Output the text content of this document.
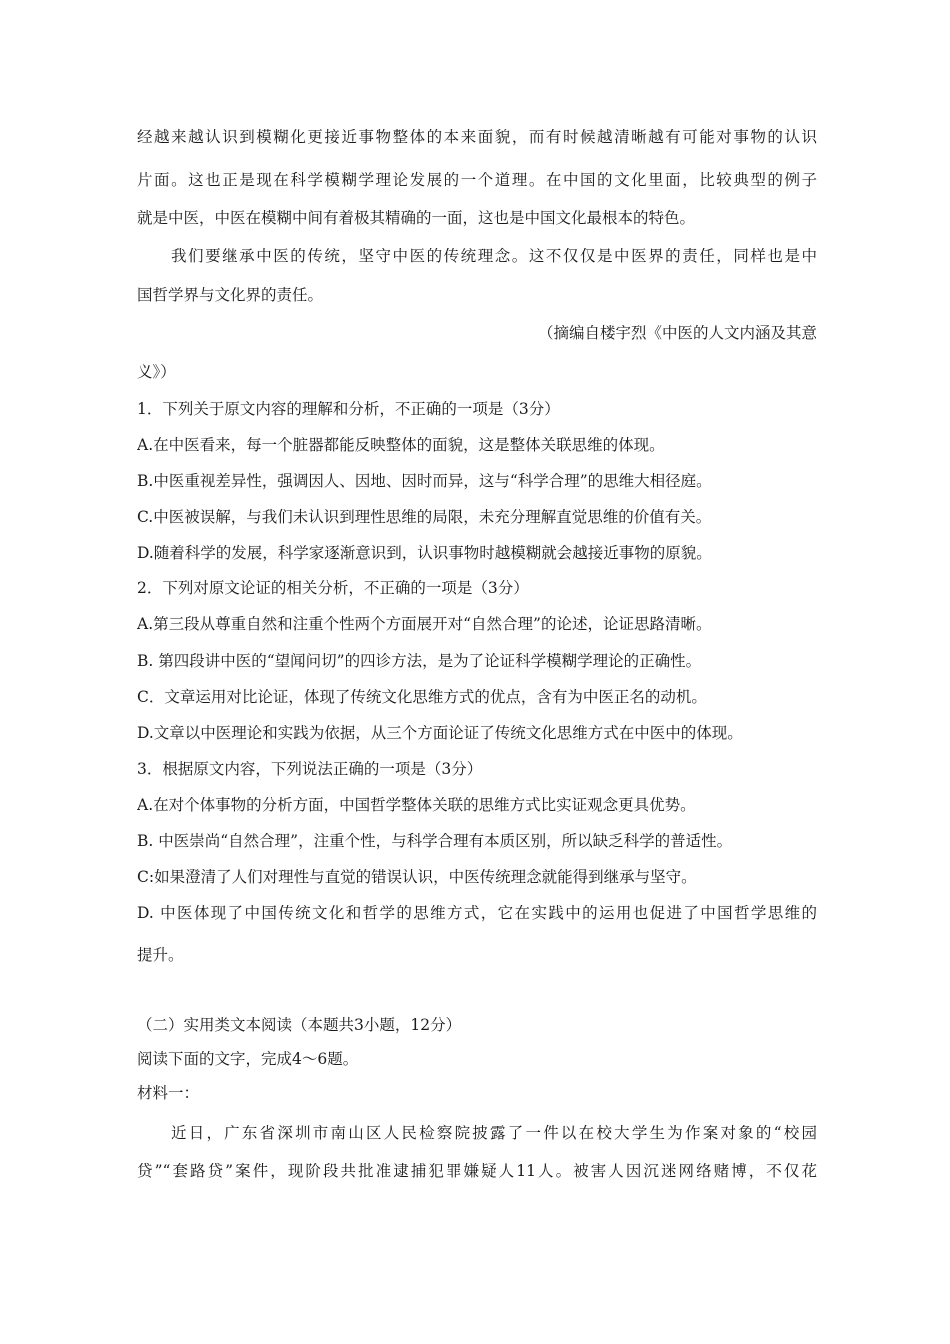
经越来越认识到模糊化更接近事物整体的本来面貌，而有时候越清晰越有可能对事物的认识
片面。这也正是现在科学模糊学理论发展的一个道理。在中国的文化里面，比较典型的例子
就是中医，中医在模糊中间有着极其精确的一面，这也是中国文化最根本的特色。
我们要继承中医的传统，坚守中医的传统理念。这不仅仅是中医界的责任，同样也是中
国哲学界与文化界的责任。
（摘编自楼宇烈《中医的人文内涵及其意
义》）
1．下列关于原文内容的理解和分析，不正确的一项是（3分）
A.在中医看来，每一个脏器都能反映整体的面貌，这是整体关联思维的体现。
B.中医重视差异性，强调因人、因地、因时而异，这与“科学合理”的思维大相径庭。
C.中医被误解，与我们未认识到理性思维的局限，未充分理解直觉思维的价值有关。
D.随着科学的发展，科学家逐渐意识到，认识事物时越模糊就会越接近事物的原貌。
2．下列对原文论证的相关分析，不正确的一项是（3分）
A.第三段从尊重自然和注重个性两个方面展开对“自然合理”的论述，论证思路清晰。
B. 第四段讲中医的“望闻问切”的四诊方法，是为了论证科学模糊学理论的正确性。
C．文章运用对比论证，体现了传统文化思维方式的优点，含有为中医正名的动机。
D.文章以中医理论和实践为依据，从三个方面论证了传统文化思维方式在中医中的体现。
3．根据原文内容，下列说法正确的一项是（3分）
A.在对个体事物的分析方面，中国哲学整体关联的思维方式比实证观念更具优势。
B. 中医崇尚“自然合理”，注重个性，与科学合理有本质区别，所以缺乏科学的普适性。
C:如果澄清了人们对理性与直觉的错误认识，中医传统理念就能得到继承与坚守。
D. 中医体现了中国传统文化和哲学的思维方式，它在实践中的运用也促进了中国哲学思维的
提升。
（二）实用类文本阅读（本题共3小题，12分）
阅读下面的文字，完成4～6题。
材料一：
近日，广东省深圳市南山区人民检察院披露了一件以在校大学生为作案对象的“校园
贷”“套路贷”案件，现阶段共批准逮捕犯罪嫌疑人11人。被害人因沉迷网络赌博，不仅花
